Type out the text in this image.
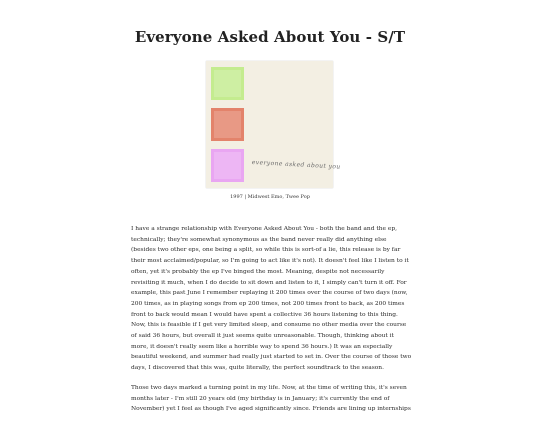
Everyone Asked About You - S/T
everyone asked about you
1997 | Midwest Emo, Twee Pop

I have a strange relationship with Everyone Asked About You - both the band and the ep, technically; they're somewhat synonymous as the band never really did anything else (besides two other eps, one being a split, so while this is sort-of a lie, this release is by far their most acclaimed/popular, so I'm going to act like it's not). It doesn't feel like I listen to it often, yet it's probably the ep I've binged the most. Meaning, despite not necessarily revisiting it much, when I do decide to sit down and listen to it, I simply can't turn it off. For example, this past June I remember replaying it 200 times over the course of two days (now, 200 times, as in playing songs from ep 200 times, not 200 times front to back, as 200 times front to back would mean I would have spent a collective 36 hours listening to this thing. Now, this is feasible if I get very limited sleep, and consume no other media over the course of said 36 hours, but overall it just seems quite unreasonable. Though, thinking about it more, it doesn't really seem like a horrible way to spend 36 hours.) It was an especially beautiful weekend, and summer had really just started to set in. Over the course of those two days, I discovered that this was, quite literally, the perfect soundtrack to the season.

Those two days marked a turning point in my life. Now, at the time of writing this, it's seven months later - I'm still 20 years old (my birthday is in January; it's currently the end of November) yet I feel as though I've aged significantly since. Friends are lining up internships
